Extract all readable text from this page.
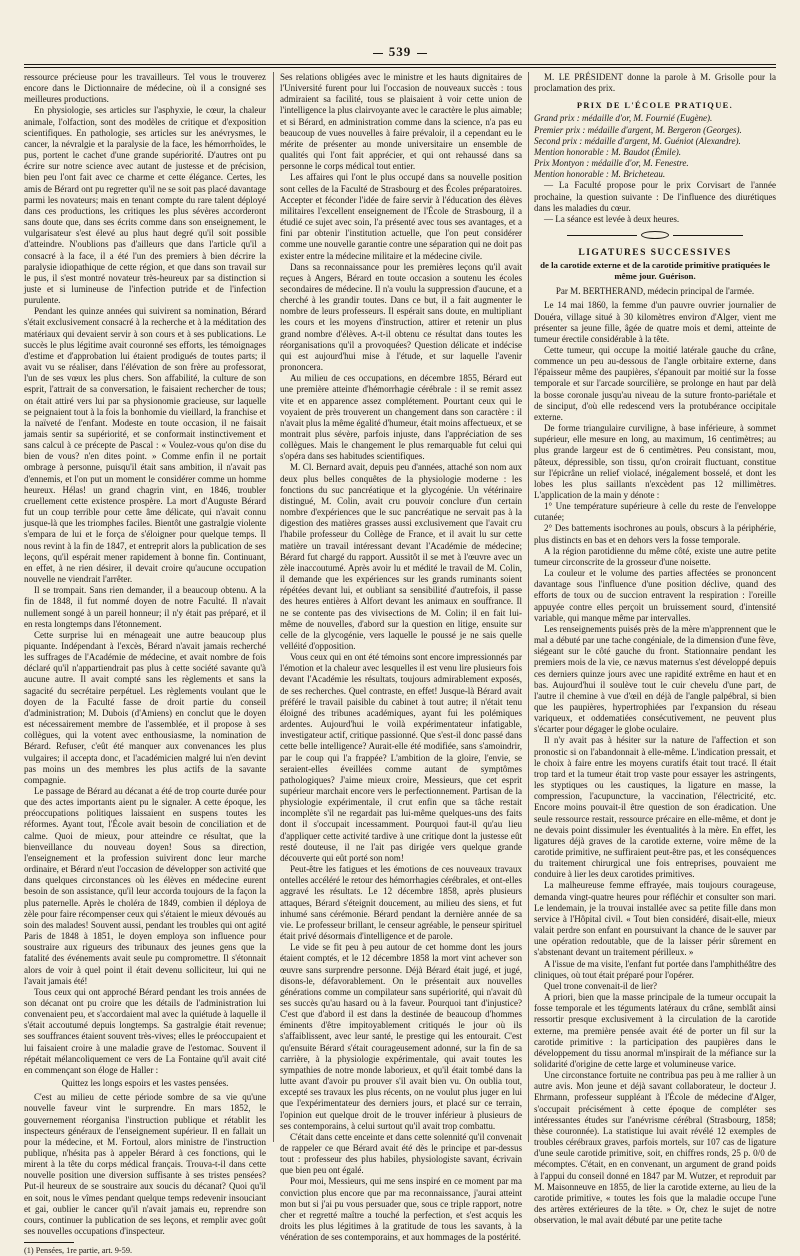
539

ressource précieuse pour les travailleurs. Tel vous le trouverez encore dans le Dictionnaire de médecine, où il a consigné ses meilleures productions.

En physiologie, ses articles sur l'asphyxie, le cœur, la chaleur animale, l'olfaction, sont des modèles de critique et d'exposition scientifiques. En pathologie, ses articles sur les anévrysmes, le cancer, la névralgie et la paralysie de la face, les hémorrhoïdes, le pus, portent le cachet d'une grande supériorité. D'autres ont pu écrire sur notre science avec autant de justesse et de précision, bien peu l'ont fait avec ce charme et cette élégance. Certes, les amis de Bérard ont pu regretter qu'il ne se soit pas placé davantage parmi les novateurs; mais en tenant compte du rare talent déployé dans ces productions, les critiques les plus sévères accorderont sans doute que, dans ses écrits comme dans son enseignement, le vulgarisateur s'est élevé au plus haut degré qu'il soit possible d'atteindre. N'oublions pas d'ailleurs que dans l'article qu'il a consacré à la face, il a été l'un des premiers à bien décrire la paralysie idiopathique de cette région, et que dans son travail sur le pus, il s'est montré novateur très-heureux par sa distinction si juste et si lumineuse de l'infection putride et de l'infection purulente.

Pendant les quinze années qui suivirent sa nomination, Bérard s'était exclusivement consacré à la recherche et à la méditation des matériaux qui devaient servir à son cours et à ses publications. Le succès le plus légitime avait couronné ses efforts, les témoignages d'estime et d'approbation lui étaient prodigués de toutes parts; il avait vu se réaliser, dans l'élévation de son frère au professorat, l'un de ses vœux les plus chers. Son affabilité, la culture de son esprit, l'attrait de sa conversation, le faisaient rechercher de tous; on était attiré vers lui par sa physionomie gracieuse, sur laquelle se peignaient tout à la fois la bonhomie du vieillard, la franchise et la naïveté de l'enfant. Modeste en toute occasion, il ne faisait jamais sentir sa supériorité, et se conformait instinctivement et sans calcul à ce précepte de Pascal : « Voulez-vous qu'on dise du bien de vous? n'en dites point. » Comme enfin il ne portait ombrage à personne, puisqu'il était sans ambition, il n'avait pas d'ennemis, et l'on put un moment le considérer comme un homme heureux. Hélas! un grand chagrin vint, en 1846, troubler cruellement cette existence prospère. La mort d'Auguste Bérard fut un coup terrible pour cette âme délicate, qui n'avait connu jusque-là que les triomphes faciles. Bientôt une gastralgie violente s'empara de lui et le força de s'éloigner pour quelque temps. Il nous revint à la fin de 1847, et entreprit alors la publication de ses leçons, qu'il espérait mener rapidement à bonne fin. Continuant, en effet, à ne rien désirer, il devait croire qu'aucune occupation nouvelle ne viendrait l'arrêter.

Il se trompait. Sans rien demander, il a beaucoup obtenu. A la fin de 1848, il fut nommé doyen de notre Faculté. Il n'avait nullement songé à un pareil honneur; il n'y était pas préparé, et il en resta longtemps dans l'étonnement.

Cette surprise lui en ménageait une autre beaucoup plus piquante. Indépendant à l'excès, Bérard n'avait jamais recherché les suffrages de l'Académie de médecine, et avait nombre de fois déclaré qu'il n'appartiendrait pas plus à cette société savante qu'à aucune autre. Il avait compté sans les règlements et sans la sagacité du secrétaire perpétuel. Les règlements voulant que le doyen de la Faculté fasse de droit partie du conseil d'administration; M. Dubois (d'Amiens) en conclut que le doyen est nécessairement membre de l'assemblée, et il propose à ses collègues, qui la votent avec enthousiasme, la nomination de Bérard. Refuser, c'eût été manquer aux convenances les plus vulgaires; il accepta donc, et l'académicien malgré lui n'en devint pas moins un des membres les plus actifs de la savante compagnie.

Le passage de Bérard au décanat a été de trop courte durée pour que des actes importants aient pu le signaler. A cette époque, les préoccupations politiques laissaient en suspens toutes les réformes. Ayant tout, l'École avait besoin de conciliation et de calme. Quoi de mieux, pour atteindre ce résultat, que la bienveillance du nouveau doyen! Sous sa direction, l'enseignement et la profession suivirent donc leur marche ordinaire, et Bérard n'eut l'occasion de développer son activité que dans quelques circonstances où les élèves en médecine eurent besoin de son assistance, qu'il leur accorda toujours de la façon la plus paternelle. Après le choléra de 1849, combien il déploya de zèle pour faire récompenser ceux qui s'étaient le mieux dévoués au soin des malades! Souvent aussi, pendant les troubles qui ont agité Paris de 1848 à 1851, le doyen employa son influence pour soustraire aux rigueurs des tribunaux des jeunes gens que la fatalité des événements avait seule pu compromettre. Il s'étonnait alors de voir à quel point il était devenu solliciteur, lui qui ne l'avait jamais été!

Tous ceux qui ont approché Bérard pendant les trois années de son décanat ont pu croire que les détails de l'administration lui convenaient peu, et s'accordaient mal avec la quiétude à laquelle il s'était accoutumé depuis longtemps. Sa gastralgie était revenue; ses souffrances étaient souvent très-vives; elles le préoccupaient et lui faisaient croire à une maladie grave de l'estomac. Souvent il répétait mélancoliquement ce vers de La Fontaine qu'il avait cité en commençant son éloge de Haller :

Quittez les longs espoirs et les vastes pensées.

C'est au milieu de cette période sombre de sa vie qu'une nouvelle faveur vint le surprendre. En mars 1852, le gouvernement réorganisa l'instruction publique et rétablit les inspecteurs généraux de l'enseignement supérieur. Il en fallait un pour la médecine, et M. Fortoul, alors ministre de l'instruction publique, n'hésita pas à appeler Bérard à ces fonctions, qui le mirent à la tête du corps médical français. Trouva-t-il dans cette nouvelle position une diversion suffisante à ses tristes pensées? Put-il heureux de se soustraire aux soucis du décanat? Quoi qu'il en soit, nous le vîmes pendant quelque temps redevenir insouciant et gai, oublier le cancer qu'il n'avait jamais eu, reprendre son cours, continuer la publication de ses leçons, et remplir avec goût ses nouvelles occupations d'inspecteur.

(1) Pensées, 1re partie, art. 9-59.

Ses relations obligées avec le ministre et les hauts dignitaires de l'Université furent pour lui l'occasion de nouveaux succès : tous admiraient sa facilité, tous se plaisaient à voir cette union de l'intelligence la plus clairvoyante avec le caractère le plus aimable; et si Bérard, en administration comme dans la science, n'a pas eu beaucoup de vues nouvelles à faire prévaloir, il a cependant eu le mérite de présenter au monde universitaire un ensemble de qualités qui l'ont fait apprécier, et qui ont rehaussé dans sa personne le corps médical tout entier.

Les affaires qui l'ont le plus occupé dans sa nouvelle position sont celles de la Faculté de Strasbourg et des Écoles préparatoires. Accepter et féconder l'idée de faire servir à l'éducation des élèves militaires l'excellent enseignement de l'École de Strasbourg, il a étudié ce sujet avec soin, l'a présenté avec tous ses avantages, et a fini par obtenir l'institution actuelle, que l'on peut considérer comme une nouvelle garantie contre une séparation qui ne doit pas exister entre la médecine militaire et la médecine civile.

Dans sa reconnaissance pour les premières leçons qu'il avait reçues à Angers, Bérard en toute occasion a soutenu les écoles secondaires de médecine. Il n'a voulu la suppression d'aucune, et a cherché à les grandir toutes. Dans ce but, il a fait augmenter le nombre de leurs professeurs. Il espérait sans doute, en multipliant les cours et les moyens d'instruction, attirer et retenir un plus grand nombre d'élèves. A-t-il obtenu ce résultat dans toutes les réorganisations qu'il a provoquées? Question délicate et indécise qui est aujourd'hui mise à l'étude, et sur laquelle l'avenir prononcera.

Au milieu de ces occupations, en décembre 1855, Bérard eut une première atteinte d'hémorrhagie cérébrale : il se remit assez vite et en apparence assez complétement. Pourtant ceux qui le voyaient de près trouverent un changement dans son caractère : il n'avait plus la même égalité d'humeur, était moins affectueux, et se montrait plus sévère, parfois injuste, dans l'appréciation de ses collègues. Mais le changement le plus remarquable fut celui qui s'opéra dans ses habitudes scientifiques.

M. Cl. Bernard avait, depuis peu d'années, attaché son nom aux deux plus belles conquêtes de la physiologie moderne : les fonctions du suc pancréatique et la glycogénie. Un vétérinaire distingué, M. Colin, avait cru pouvoir conclure d'un certain nombre d'expériences que le suc pancréatique ne servait pas à la digestion des matières grasses aussi exclusivement que l'avait cru l'habile professeur du Collège de France, et il avait lu sur cette matière un travail intéressant devant l'Académie de médecine; Bérard fut chargé du rapport. Aussitôt il se met à l'œuvre avec un zèle inaccoutumé. Après avoir lu et médité le travail de M. Colin, il demande que les expériences sur les grands ruminants soient répétées devant lui, et oubliant sa sensibilité d'autrefois, il passe des heures entières à Alfort devant les animaux en souffrance. Il ne se contente pas des vivisections de M. Colin; il en fait lui-même de nouvelles, d'abord sur la question en litige, ensuite sur celle de la glycogénie, vers laquelle le poussé je ne sais quelle velléité d'opposition.

Vous ceux qui en ont été témoins sont encore impressionnés par l'émotion et la chaleur avec lesquelles il est venu lire plusieurs fois devant l'Académie les résultats, toujours admirablement exposés, de ses recherches. Quel contraste, en effet! Jusque-là Bérard avait préféré le travail paisible du cabinet à tout autre; il n'était tenu éloigné des tribunes académiques, ayant fui les polémiques ardentes. Aujourd'hui le voilà expérimentateur infatigable, investigateur actif, critique passionné. Que s'est-il donc passé dans cette belle intelligence? Aurait-elle été modifiée, sans s'amoindrir, par le coup qui l'a frappée? L'ambition de la gloire, l'envie, se seraient-elles éveillées comme autant de symptômes pathologiques? J'aime mieux croire, Messieurs, que cet esprit supérieur marchait encore vers le perfectionnement. Partisan de la physiologie expérimentale, il crut enfin que sa tâche restait incomplète s'il ne regardait pas lui-même quelques-uns des faits dont il s'occupait incessamment. Pourquoi faut-il qu'au lieu d'appliquer cette activité tardive à une critique dont la justesse eût resté douteuse, il ne l'ait pas dirigée vers quelque grande découverte qui eût porté son nom!

Peut-être les fatigues et les émotions de ces nouveaux travaux ontelles accéléré le retour des hémorrhagies cérébrales, et ont-elles aggravé les résultats. Le 12 décembre 1858, après plusieurs attaques, Bérard s'éteignit doucement, au milieu des siens, et fut inhumé sans cérémonie. Bérard pendant la dernière année de sa vie. Le professeur brillant, le censeur agréable, le penseur spirituel était privé désormais d'intelligence et de parole.

Le vide se fit peu à peu autour de cet homme dont les jours étaient comptés, et le 12 décembre 1858 la mort vint achever son œuvre sans surprendre personne. Déjà Bérard était jugé, et jugé, disons-le, défavorablement. On le présentait aux nouvelles générations comme un compilateur sans supériorité, qui n'avait dû ses succès qu'au hasard ou à la faveur. Pourquoi tant d'injustice? C'est que d'abord il est dans la destinée de beaucoup d'hommes éminents d'être impitoyablement critiqués le jour où ils s'affaiblissent, avec leur santé, le prestige qui les entourait. C'est qu'ensuite Bérard s'était courageusement adonné, sur la fin de sa carrière, à la physiologie expérimentale, qui avait toutes les sympathies de notre monde laborieux, et qu'il était tombé dans la lutte avant d'avoir pu prouver s'il avait bien vu. On oublia tout, excepté ses travaux les plus récents, on ne voulut plus juger en lui que l'expérimentateur des derniers jours, et placé sur ce terrain, l'opinion eut quelque droit de le trouver inférieur à plusieurs de ses contemporains, à celui surtout qu'il avait trop combattu.

C'était dans cette enceinte et dans cette solennité qu'il convenait de rappeler ce que Bérard avait été dès le principe et par-dessus tout : professeur des plus habiles, physiologiste savant, écrivain que bien peu ont égalé.

Pour moi, Messieurs, qui me sens inspiré en ce moment par ma conviction plus encore que par ma reconnaissance, j'aurai atteint mon but si j'ai pu vous persuader que, sous ce triple rapport, notre cher et regretté maître a touché la perfection, et s'est acquis les droits les plus légitimes à la gratitude de tous les savants, à la vénération de ses contemporains, et aux hommages de la postérité.

M. LE PRÉSIDENT donne la parole à M. Grisolle pour la proclamation des prix.

PRIX DE L'ÉCOLE PRATIQUE.

Grand prix : médaille d'or, M. Fournié (Eugène).

Premier prix : médaille d'argent, M. Bergeron (Georges).

Second prix : médaille d'argent, M. Guéniot (Alexandre).

Mention honorable : M. Baudot (Émile).

Prix Montyon : médaille d'or, M. Fenestre.

Mention honorable : M. Bricheteau.

— La Faculté propose pour le prix Corvisart de l'année prochaine, la question suivante : De l'influence des diurétiques dans les maladies du cœur.

— La séance est levée à deux heures.

LIGATURES SUCCESSIVES

de la carotide externe et de la carotide primitive pratiquées le même jour. Guérison.

Par M. BERTHERAND, médecin principal de l'armée.

Le 14 mai 1860, la femme d'un pauvre ouvrier journalier de Douéra, village situé à 30 kilomètres environ d'Alger, vient me présenter sa jeune fille, âgée de quatre mois et demi, atteinte de tumeur érectile considérable à la tête.

Cette tumeur, qui occupe la moitié latérale gauche du crâne, commence un peu au-dessous de l'angle orbitaire externe, dans l'épaisseur même des paupières, s'épanouit par moitié sur la fosse temporale et sur l'arcade sourcilière, se prolonge en haut par delà la bosse coronale jusqu'au niveau de la suture fronto-pariétale et de sinciput, d'où elle redescend vers la protubérance occipitale externe.

De forme triangulaire curviligne, à base inférieure, à sommet supérieur, elle mesure en long, au maximum, 16 centimètres; au plus grande largeur est de 6 centimètres. Peu consistant, mou, pâteux, dépressible, son tissu, qu'on croirait fluctuant, constitue sur l'épicrâne un relief violacé, inégalement bosselé, et dont les lobes les plus saillants n'excèdent pas 12 millimètres. L'application de la main y dénote :

1° Une température supérieure à celle du reste de l'enveloppe cutanée;

2° Des battements isochrones au pouls, obscurs à la périphérie, plus distincts en bas et en dehors vers la fosse temporale.

A la région parotidienne du même côté, existe une autre petite tumeur circonscrite de la grosseur d'une noisette.

La couleur et le volume des parties affectées se prononcent davantage sous l'influence d'une position déclive, quand des efforts de toux ou de succion entravent la respiration : l'oreille appuyée contre elles perçoit un bruissement sourd, d'intensité variable, qui manque même par intervalles.

Les renseignements puisés près de la mère m'apprennent que le mal a débuté par une tache congéniale, de la dimension d'une fève, siégeant sur le côté gauche du front. Stationnaire pendant les premiers mois de la vie, ce nævus maternus s'est développé depuis ces derniers quinze jours avec une rapidité extrême en haut et en bas. Aujourd'hui il soulève tout le cuir chevelu d'une part, de l'autre il chemine à vue d'œil en déjà de l'angle palpébral, si bien que les paupières, hypertrophiées par l'expansion du réseau variqueux, et oddematiées consécutivement, ne peuvent plus s'écarter pour dégager le globe oculaire.

Il n'y avait pas à hésiter sur la nature de l'affection et son pronostic si on l'abandonnait à elle-même. L'indication pressait, et le choix à faire entre les moyens curatifs était tout tracé. Il était trop tard et la tumeur était trop vaste pour essayer les astringents, les styptiques ou les caustiques, la ligature en masse, la compression, l'acupuncture, la vaccination, l'électricité, etc. Encore moins pouvait-il être question de son éradication. Une seule ressource restait, ressource précaire en elle-même, et dont je ne devais point dissimuler les éventualités à la mère. En effet, les ligatures déjà graves de la carotide externe, voire même de la carotide primitive, ne suffiraient peut-être pas, et les conséquences du traitement chirurgical une fois entreprises, pouvaient me conduire à lier les deux carotides primitives.

La malheureuse femme effrayée, mais toujours courageuse, demanda vingt-quatre heures pour réfléchir et consulter son mari. Le lendemain, je la trouvai installée avec sa petite fille dans mon service à l'Hôpital civil. « Tout bien considéré, disait-elle, mieux valait perdre son enfant en poursuivant la chance de le sauver par une opération redoutable, que de la laisser périr sûrement en s'abstenant devant un traitement périlleux. »

A l'issue de ma visite, l'enfant fut portée dans l'amphithéâtre des cliniques, où tout était préparé pour l'opérer.

Quel trone convenait-il de lier?

A priori, bien que la masse principale de la tumeur occupait la fosse temporale et les téguments latéraux du crâne, semblât ainsi ressortir presque exclusivement à la circulation de la carotide externe, ma première pensée avait été de porter un fil sur la carotide primitive : la participation des paupières dans le développement du tissu anormal m'inspirait de la méfiance sur la solidarité d'origine de cette large et volumineuse varice.

Une circonstance fortuite ne contribua pas peu à me rallier à un autre avis. Mon jeune et déjà savant collaborateur, le docteur J. Ehrmann, professeur suppléant à l'École de médecine d'Alger, s'occupait précisément à cette époque de compléter ses intéressantes études sur l'anévrisme cérébral (Strasbourg, 1858; thèse couronnée). La statistique lui avait révélé 12 exemples de troubles cérébraux graves, parfois mortels, sur 107 cas de ligature d'une seule carotide primitive, soit, en chiffres ronds, 25 p. 0/0 de mécomptes. C'était, en en convenant, un argument de grand poids à l'appui du conseil donné en 1847 par M. Wutzer, et reproduit par M. Maisonneuve en 1855, de lier la carotide externe, au lieu de la carotide primitive, « toutes les fois que la maladie occupe l'une des artères extérieures de la tête. » Or, chez le sujet de notre observation, le mal avait débuté par une petite tache
